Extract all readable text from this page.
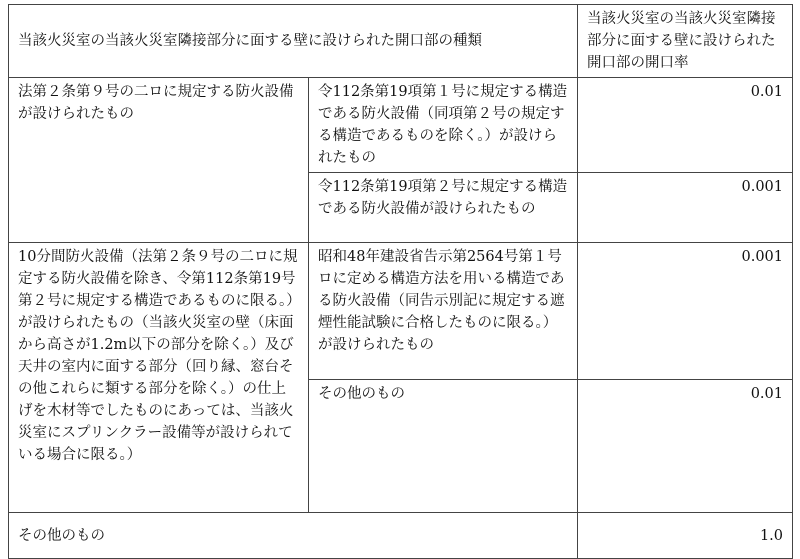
当該火災室の当該火災室隣接部分に面する壁に設けられた開口部の種類		当該火災室の当該火災室隣接部分に面する壁に設けられた開口部の開口率
法第２条第９号の二ロに規定する防火設備が設けられたもの	令112条第19項第１号に規定する構造である防火設備（同項第２号の規定する構造であるものを除く。）が設けられたもの	0.01
	令112条第19項第２号に規定する構造である防火設備が設けられたもの	0.001
10分間防火設備（法第２条９号の二ロに規定する防火設備を除き、令第112条第19号第２号に規定する構造であるものに限る。）が設けられたもの（当該火災室の壁（床面から高さが1.2m以下の部分を除く。）及び天井の室内に面する部分（回り縁、窓台その他これらに類する部分を除く。）の仕上げを木材等でしたものにあっては、当該火災室にスプリンクラー設備等が設けられている場合に限る。）	昭和48年建設省告示第2564号第１号ロに定める構造方法を用いる構造である防火設備（同告示別記に規定する遮煙性能試験に合格したものに限る。）が設けられたもの	0.001
	その他のもの	0.01
その他のもの		1.0
